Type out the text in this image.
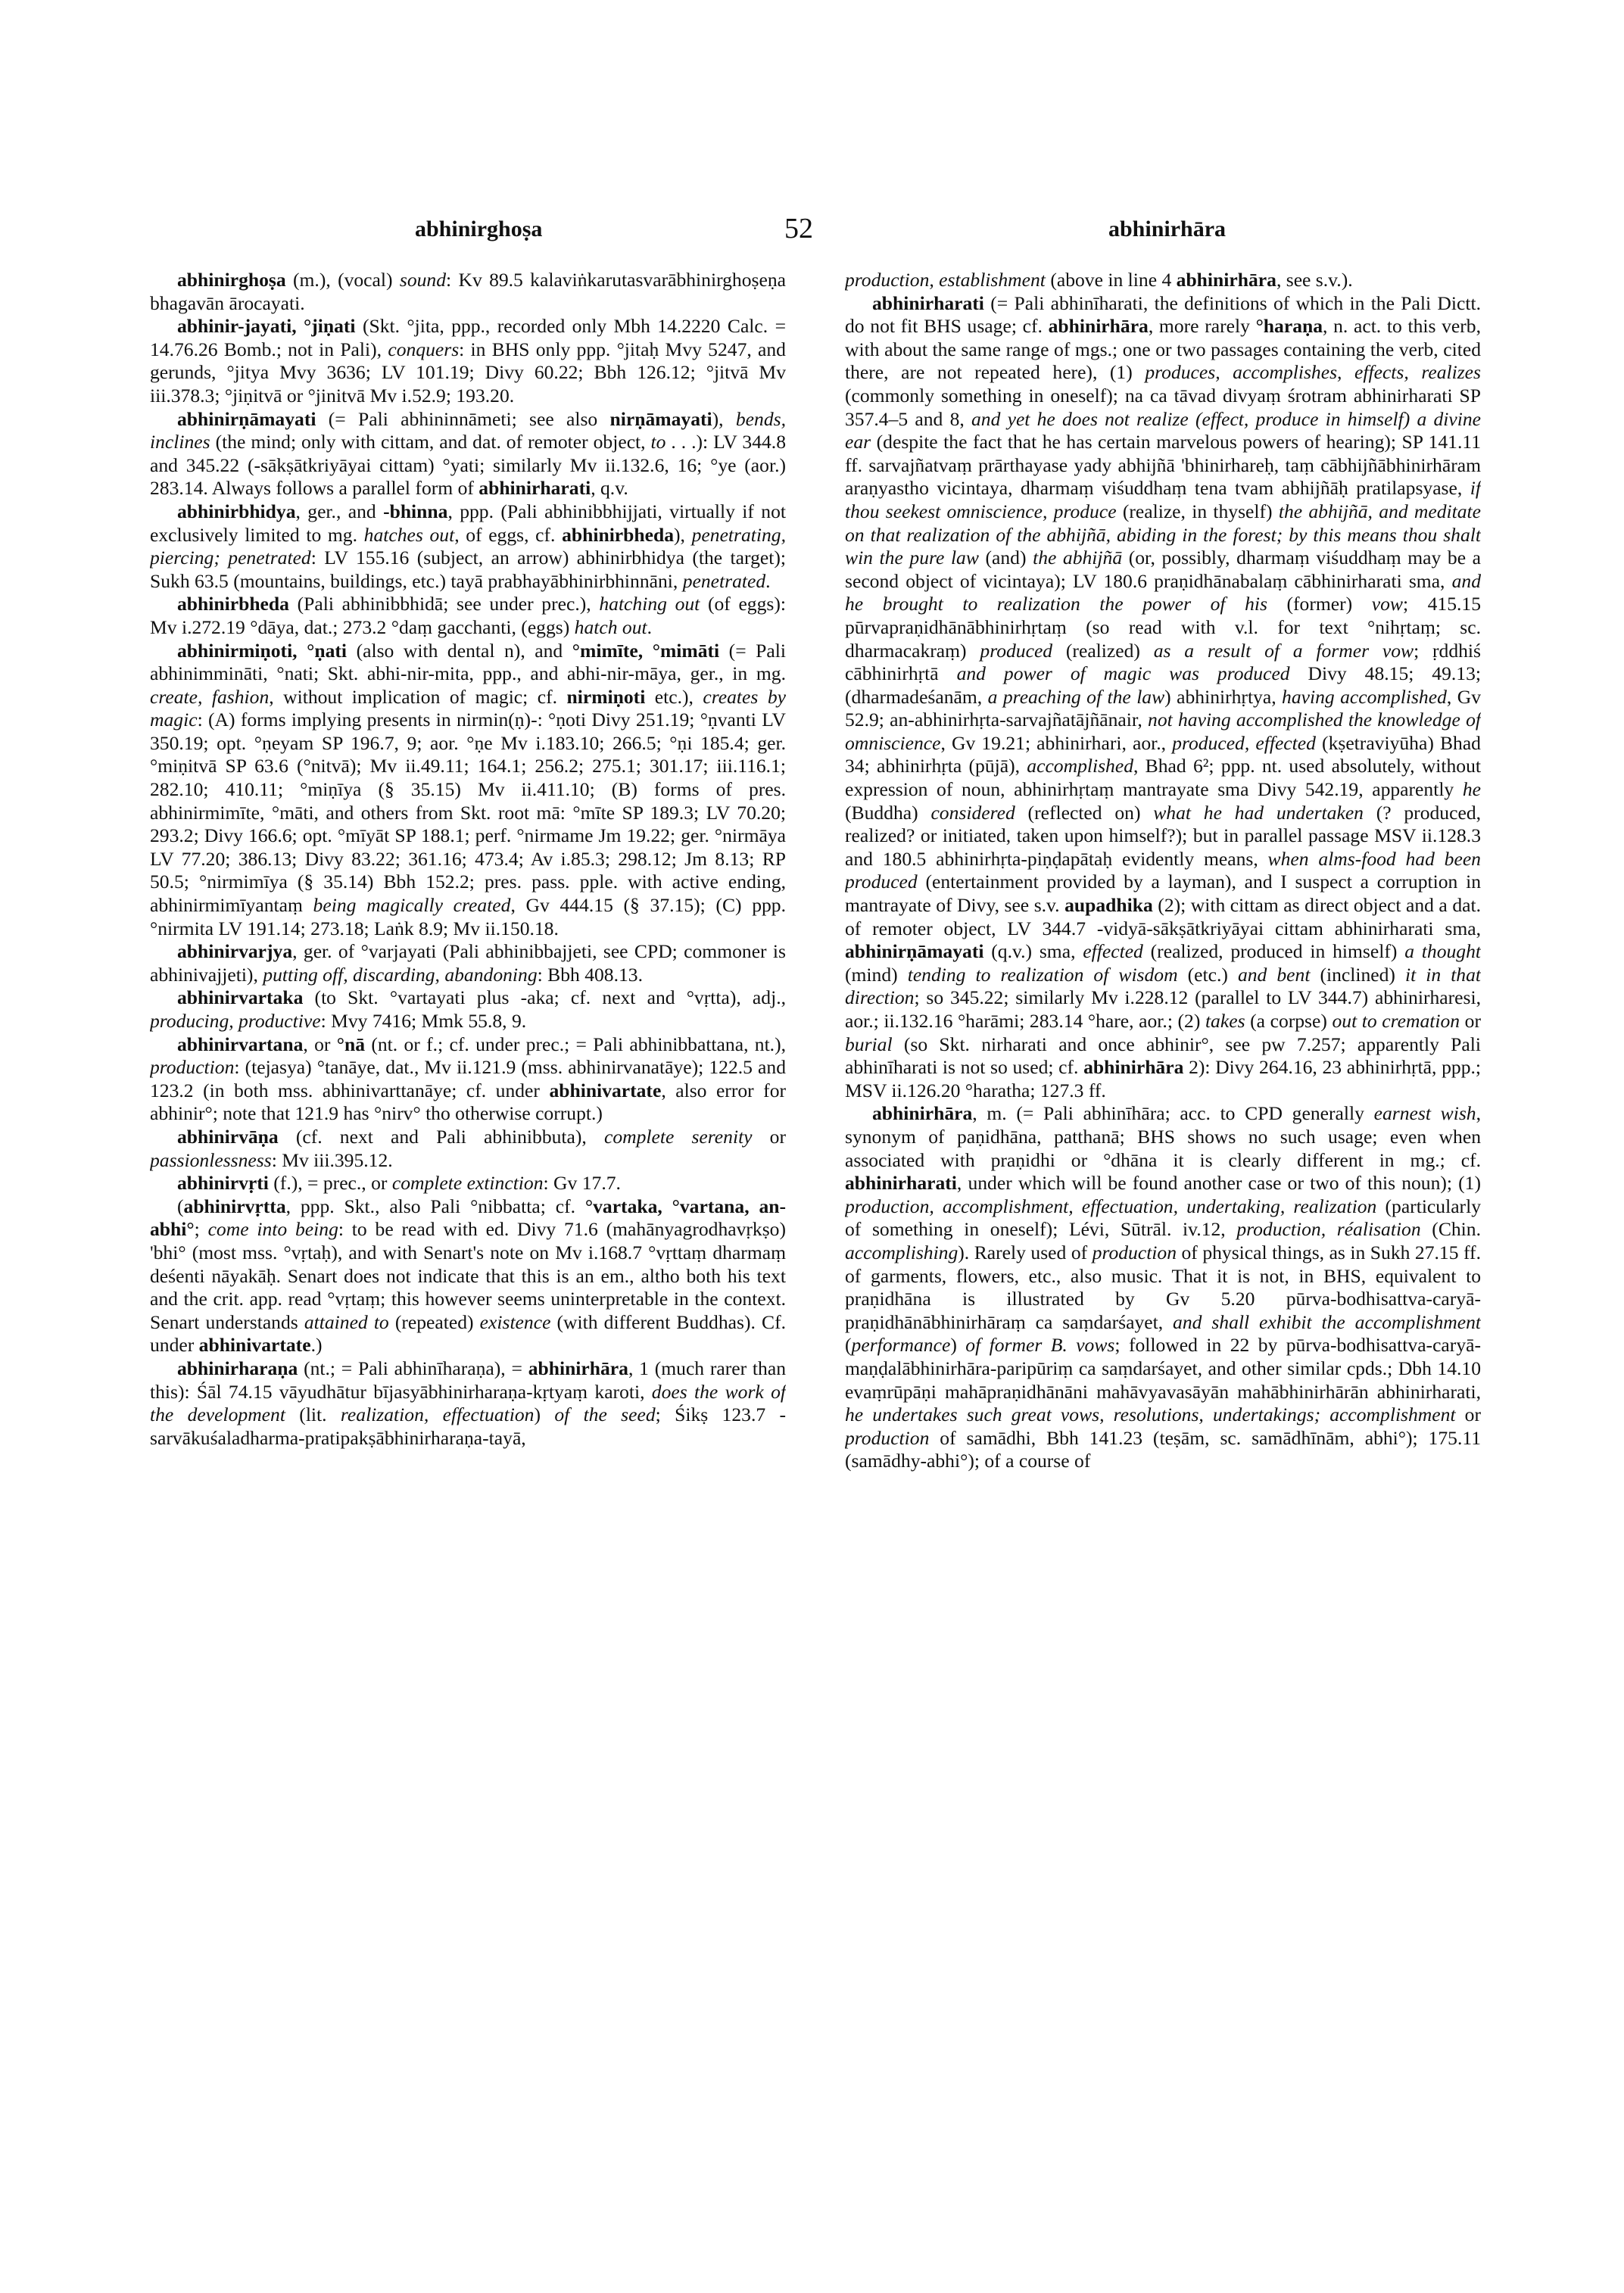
abhinirghoṣa	52	abhinirhāra

abhinirghoṣa (m.), (vocal) sound: Kv 89.5 kalaviṅkarutasvarābhinirghoṣeṇa bhagavān ārocayati.

abhinir-jayati, °jiṇati (Skt. °jita, ppp., recorded only Mbh 14.2220 Calc. = 14.76.26 Bomb.; not in Pali), conquers: in BHS only ppp. °jitaḥ Mvy 5247, and gerunds, °jitya Mvy 3636; LV 101.19; Divy 60.22; Bbh 126.12; °jitvā Mv iii.378.3; °jiṇitvā or °jinitvā Mv i.52.9; 193.20.

abhinirṇāmayati (= Pali abhininnāmeti; see also nirṇāmayati), bends, inclines (the mind; only with cittam, and dat. of remoter object, to . . .): LV 344.8 and 345.22 (-sākṣātkriyāyai cittam) °yati; similarly Mv ii.132.6, 16; °ye (aor.) 283.14. Always follows a parallel form of abhinirharati, q.v.

abhinirbhidya, ger., and -bhinna, ppp. (Pali abhinibbhijjati, virtually if not exclusively limited to mg. hatches out, of eggs, cf. abhinirbheda), penetrating, piercing; penetrated: LV 155.16 (subject, an arrow) abhinirbhidya (the target); Sukh 63.5 (mountains, buildings, etc.) tayā prabhayābhinirbhinnāni, penetrated.

abhinirbheda (Pali abhinibbhidā; see under prec.), hatching out (of eggs): Mv i.272.19 °dāya, dat.; 273.2 °daṃ gacchanti, (eggs) hatch out.

abhinirmiṇoti, °ṇati (also with dental n), and °mimīte, °mimāti (= Pali abhinimmināti, °nati; Skt. abhi-nir-mita, ppp., and abhi-nir-māya, ger., in mg. create, fashion, without implication of magic; cf. nirmiṇoti etc.), creates by magic: (A) forms implying presents in nirmin(ṇ)-: °ṇoti Divy 251.19; °ṇvanti LV 350.19; opt. °ṇeyam SP 196.7, 9; aor. °ṇe Mv i.183.10; 266.5; °ṇi 185.4; ger. °miṇitvā SP 63.6 (°nitvā); Mv ii.49.11; 164.1; 256.2; 275.1; 301.17; iii.116.1; 282.10; 410.11; °miṇīya (§ 35.15) Mv ii.411.10; (B) forms of pres. abhinirmimīte, °māti, and others from Skt. root mā: °mīte SP 189.3; LV 70.20; 293.2; Divy 166.6; opt. °mīyāt SP 188.1; perf. °nirmame Jm 19.22; ger. °nirmāya LV 77.20; 386.13; Divy 83.22; 361.16; 473.4; Av i.85.3; 298.12; Jm 8.13; RP 50.5; °nirmimīya (§ 35.14) Bbh 152.2; pres. pass. pple. with active ending, abhinirmimīyantaṃ being magically created, Gv 444.15 (§ 37.15); (C) ppp. °nirmita LV 191.14; 273.18; Laṅk 8.9; Mv ii.150.18.

abhinirvarjya, ger. of °varjayati (Pali abhinibbajjeti, see CPD; commoner is abhinivajjeti), putting off, discarding, abandoning: Bbh 408.13.

abhinirvartaka (to Skt. °vartayati plus -aka; cf. next and °vṛtta), adj., producing, productive: Mvy 7416; Mmk 55.8, 9.

abhinirvartana, or °nā (nt. or f.; cf. under prec.; = Pali abhinibbattana, nt.), production: (tejasya) °tanāye, dat., Mv ii.121.9 (mss. abhinirvanatāye); 122.5 and 123.2 (in both mss. abhinivarttanāye; cf. under abhinivartate, also error for abhinir°; note that 121.9 has °nirv° tho otherwise corrupt.)

abhinirvāṇa (cf. next and Pali abhinibbuta), complete serenity or passionlessness: Mv iii.395.12.

abhinirvṛti (f.), = prec., or complete extinction: Gv 17.7.

(abhinirvṛtta, ppp. Skt., also Pali °nibbatta; cf. °vartaka, °vartana, an-abhi°; come into being: to be read with ed. Divy 71.6 (mahānyagrodhavṛkṣo) 'bhi° (most mss. °vṛtaḥ), and with Senart's note on Mv i.168.7 °vṛttaṃ dharmaṃ deśenti nāyakāḥ. Senart does not indicate that this is an em., altho both his text and the crit. app. read °vṛtaṃ; this however seems uninterpretable in the context. Senart understands attained to (repeated) existence (with different Buddhas). Cf. under abhinivartate.)

abhinirharaṇa (nt.; = Pali abhinīharaṇa), = abhinirhāra, 1 (much rarer than this): Śāl 74.15 vāyudhātur bījasyābhinirharaṇa-kṛtyaṃ karoti, does the work of the development (lit. realization, effectuation) of the seed; Śikṣ 123.7 -sarvākuśaladharma-pratipakṣābhinirharaṇa-tayā,

production, establishment (above in line 4 abhinirhāra, see s.v.).

abhinirharati (= Pali abhinīharati, the definitions of which in the Pali Dictt. do not fit BHS usage; cf. abhinirhāra, more rarely °haraṇa, n. act. to this verb, with about the same range of mgs.; one or two passages containing the verb, cited there, are not repeated here), (1) produces, accomplishes, effects, realizes (commonly something in oneself); na ca tāvad divyaṃ śrotram abhinirharati SP 357.4–5 and 8, and yet he does not realize (effect, produce in himself) a divine ear (despite the fact that he has certain marvelous powers of hearing); SP 141.11 ff. sarvajñatvaṃ prārthayase yady abhijñā 'bhinirhareḥ, taṃ cābhijñābhinirhāram araṇyastho vicintaya, dharmaṃ viśuddhaṃ tena tvam abhijñāḥ pratilapsyase, if thou seekest omniscience, produce (realize, in thyself) the abhijñā, and meditate on that realization of the abhijñā, abiding in the forest; by this means thou shalt win the pure law (and) the abhijñā (or, possibly, dharmaṃ viśuddhaṃ may be a second object of vicintaya); LV 180.6 praṇidhānabalaṃ cābhinirharati sma, and he brought to realization the power of his (former) vow; 415.15 pūrvapraṇidhānābhinirhṛtaṃ (so read with v.l. for text °nihṛtaṃ; sc. dharmacakraṃ) produced (realized) as a result of a former vow; ṛddhiś cābhinirhṛtā and power of magic was produced Divy 48.15; 49.13; (dharmadeśanām, a preaching of the law) abhinirhṛtya, having accomplished, Gv 52.9; an-abhinirhṛta-sarvajñatājñānair, not having accomplished the knowledge of omniscience, Gv 19.21; abhinirhari, aor., produced, effected (kṣetraviyūha) Bhad 34; abhinirhṛta (pūjā), accomplished, Bhad 6²; ppp. nt. used absolutely, without expression of noun, abhinirhṛtaṃ mantrayate sma Divy 542.19, apparently he (Buddha) considered (reflected on) what he had undertaken (? produced, realized? or initiated, taken upon himself?); but in parallel passage MSV ii.128.3 and 180.5 abhinirhṛta-piṇḍapātaḥ evidently means, when alms-food had been produced (entertainment provided by a layman), and I suspect a corruption in mantrayate of Divy, see s.v. aupadhika (2); with cittam as direct object and a dat. of remoter object, LV 344.7 -vidyā-sākṣātkriyāyai cittam abhinirharati sma, abhinirṇāmayati (q.v.) sma, effected (realized, produced in himself) a thought (mind) tending to realization of wisdom (etc.) and bent (inclined) it in that direction; so 345.22; similarly Mv i.228.12 (parallel to LV 344.7) abhinirharesi, aor.; ii.132.16 °harāmi; 283.14 °hare, aor.; (2) takes (a corpse) out to cremation or burial (so Skt. nirharati and once abhinir°, see pw 7.257; apparently Pali abhinīharati is not so used; cf. abhinirhāra 2): Divy 264.16, 23 abhinirhṛtā, ppp.; MSV ii.126.20 °haratha; 127.3 ff.

abhinirhāra, m. (= Pali abhinīhāra; acc. to CPD generally earnest wish, synonym of paṇidhāna, patthanā; BHS shows no such usage; even when associated with praṇidhi or °dhāna it is clearly different in mg.; cf. abhinirharati, under which will be found another case or two of this noun); (1) production, accomplishment, effectuation, undertaking, realization (particularly of something in oneself); Lévi, Sūtrāl. iv.12, production, réalisation (Chin. accomplishing). Rarely used of production of physical things, as in Sukh 27.15 ff. of garments, flowers, etc., also music. That it is not, in BHS, equivalent to praṇidhāna is illustrated by Gv 5.20 pūrva-bodhisattva-caryā-praṇidhānābhinirhāraṃ ca saṃdarśayet, and shall exhibit the accomplishment (performance) of former B. vows; followed in 22 by pūrva-bodhisattva-caryā-maṇḍalābhinirhāra-paripūriṃ ca saṃdarśayet, and other similar cpds.; Dbh 14.10 evaṃrūpāṇi mahāpraṇidhānāni mahāvyavasāyān mahābhinirhārān abhinirharati, he undertakes such great vows, resolutions, undertakings; accomplishment or production of samādhi, Bbh 141.23 (teṣām, sc. samādhīnām, abhi°); 175.11 (samādhy-abhi°); of a course of
